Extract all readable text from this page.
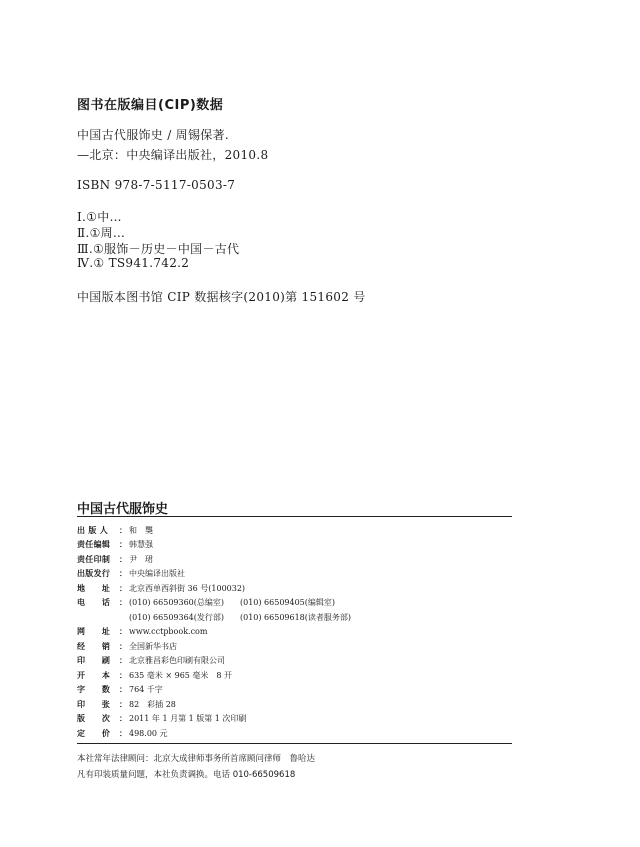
图书在版编目(CIP)数据
中国古代服饰史 / 周锡保著.
—北京：中央编译出版社，2010.8
ISBN 978-7-5117-0503-7
Ⅰ.①中…
Ⅱ.①周…
Ⅲ.①服饰－历史－中国－古代
Ⅳ.① TS941.742.2
中国版本图书馆 CIP 数据核字(2010)第 151602 号
中国古代服饰史
出 版 人	： 和　龑
责任编辑	： 韩慧强
责任印制	： 尹　珺
出版发行	： 中央编译出版社
地　　址	： 北京西单西斜街 36 号(100032)
电　　话	： (010) 66509360(总编室) (010) 66509405(编辑室)
(010) 66509364(发行部) (010) 66509618(读者服务部)
网　　址	： www.cctpbook.com
经　　销	： 全国新华书店
印　　刷	： 北京雅昌彩色印刷有限公司
开　　本	： 635 毫米 × 965 毫米　8 开
字　　数	： 764 千字
印　　张	： 82　彩插 28
版　　次	： 2011 年 1 月第 1 版第 1 次印刷
定　　价	： 498.00 元
本社常年法律顾问：北京大成律师事务所首席顾问律师　鲁哈达
凡有印装质量问题，本社负责调换。电话 010-66509618
